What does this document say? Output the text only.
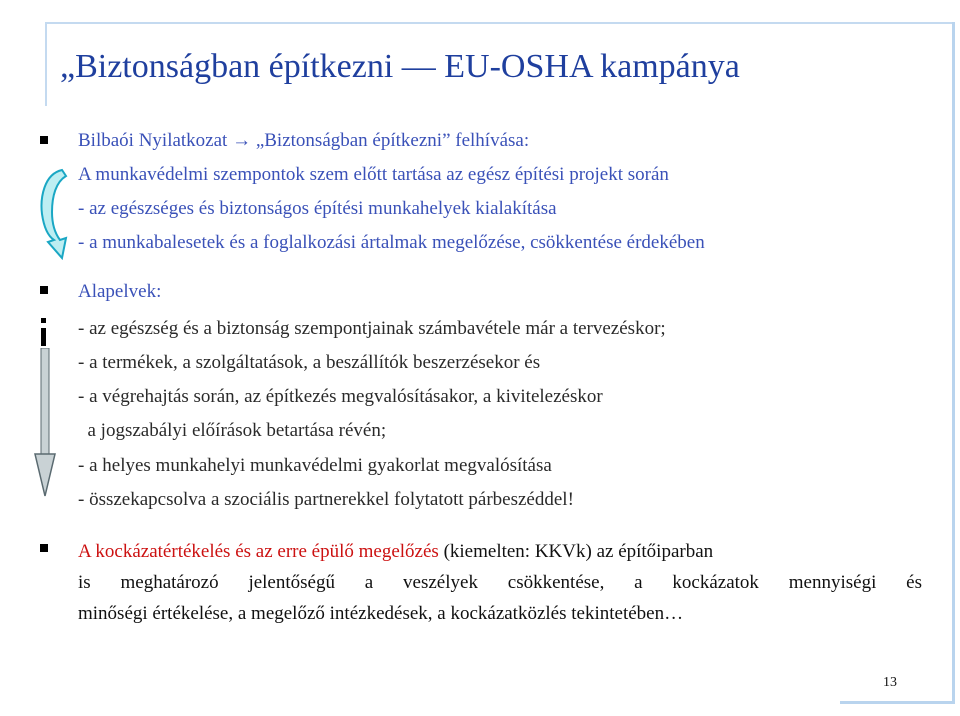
„Biztonságban építkezni — EU-OSHA kampánya
Bilbaói Nyilatkozat → „Biztonságban építkezni” felhívása:
A munkavédelmi szempontok szem előtt tartása az egész építési projekt során
- az egészséges és biztonságos építési munkahelyek kialakítása
- a munkabalesetek és a foglalkozási ártalmak megelőzése, csökkentése érdekében
Alapelvek:
- az egészség és a biztonság szempontjainak számbavétele már a tervezéskor;
- a termékek, a szolgáltatások, a beszállítók beszerzésekor és
- a végrehajtás során, az építkezés megvalósításakor, a kivitelezéskor
a jogszabályi előírások betartása révén;
- a helyes munkahelyi munkavédelmi gyakorlat megvalósítása
- összekapcsolva a szociális partnerekkel folytatott párbeszéddel!
A kockázatértékelés és az erre épülő megelőzés (kiemelten: KKVk) az építőiparban
is meghatározó jelentőségű a veszélyek csökkentése, a kockázatok mennyiségi és
minőségi értékelése, a megelőző intézkedések, a kockázatközlés tekintetében…
13
